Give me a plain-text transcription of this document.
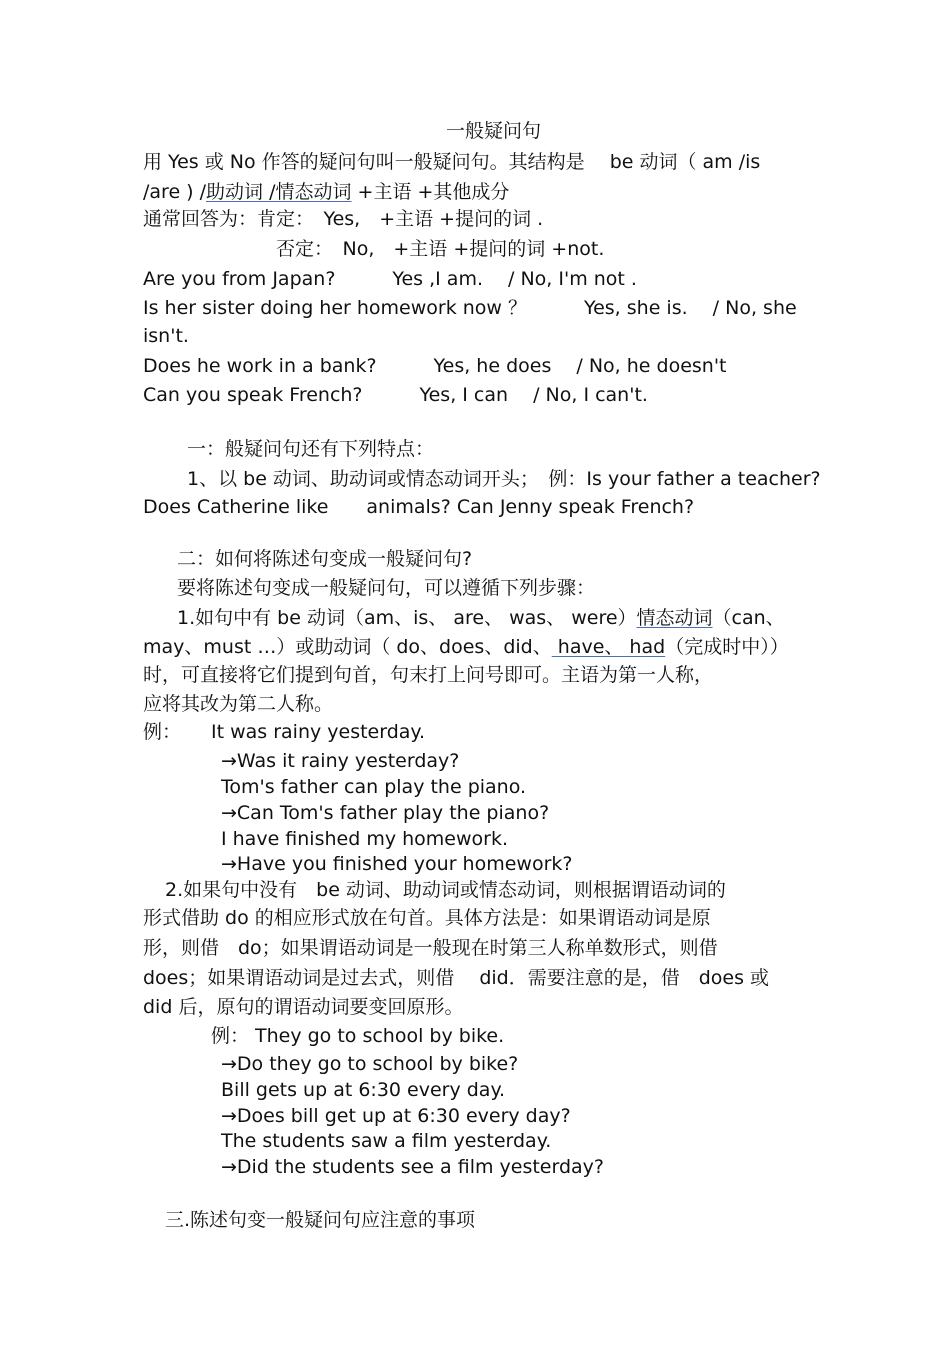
一般疑问句
用 Yes 或 No 作答的疑问句叫一般疑问句。其结构是　 be 动词（ am /is
/are ) /助动词 /情态动词 +主语 +其他成分
通常回答为：肯定：　Yes,　+主语 +提问的词 .
否定：　No,　+主语 +提问的词 +not.
Are you from Japan?　　　Yes ,I am.　 / No, I'm not .
Is her sister doing her homework now ？　　　Yes, she is.　 / No, she
isn't.
Does he work in a bank?　　　Yes, he does　 / No, he doesn't
Can you speak French?　　　Yes, I can　 / No, I can't.
一：般疑问句还有下列特点：
1、以 be 动词、助动词或情态动词开头；　例：Is your father a teacher?
Does Catherine like　　animals? Can Jenny speak French?
二：如何将陈述句变成一般疑问句?
要将陈述句变成一般疑问句，可以遵循下列步骤：
1.如句中有 be 动词（am、is、 are、 was、 were）情态动词（can、
may、must …）或助动词（ do、does、did、 have、 had（完成时中））
时，可直接将它们提到句首，句末打上问号即可。主语为第一人称，
应将其改为第二人称。
例： It was rainy yesterday.
→Was it rainy yesterday?
Tom's father can play the piano.
→Can Tom's father play the piano?
I have finished my homework.
→Have you finished your homework?
2.如果句中没有　be 动词、助动词或情态动词，则根据谓语动词的
形式借助 do 的相应形式放在句首。具体方法是：如果谓语动词是原
形，则借　do；如果谓语动词是一般现在时第三人称单数形式，则借
does；如果谓语动词是过去式，则借　 did．需要注意的是，借　does 或
did 后，原句的谓语动词要变回原形。
例： They go to school by bike.
→Do they go to school by bike?
Bill gets up at 6:30 every day.
→Does bill get up at 6:30 every day?
The students saw a film yesterday.
→Did the students see a film yesterday?
三.陈述句变一般疑问句应注意的事项
